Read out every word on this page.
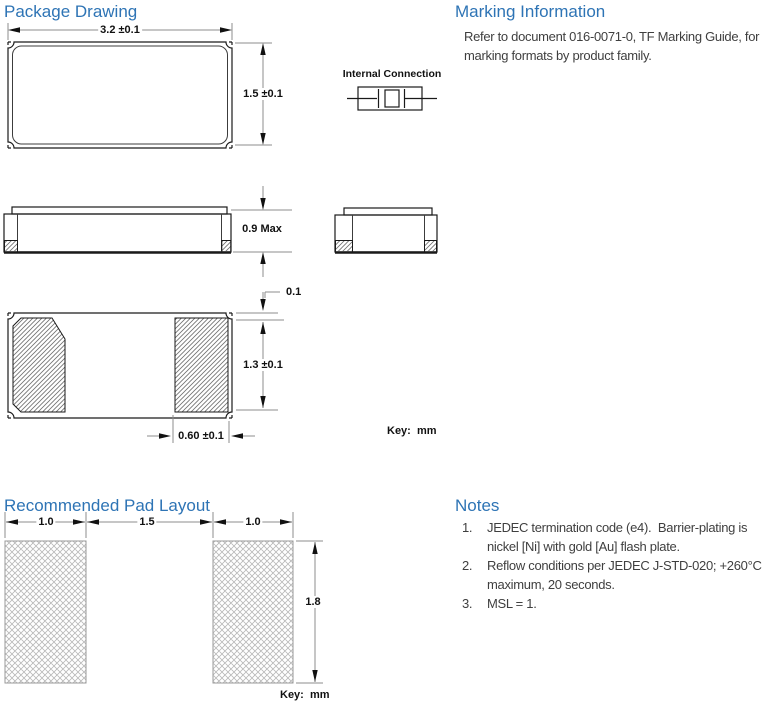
Package Drawing	Marking Information
Recommended Pad Layout	Notes

Refer to document 016-0071-0, TF Marking Guide, for marking formats by product family.

1.	JEDEC termination code (e4).  Barrier-plating is nickel [Ni] with gold [Au] flash plate.
2.	Reflow conditions per JEDEC J-STD-020; +260°C maximum, 20 seconds.
3.	MSL = 1.
Internal Connection
3.2 ±0.1
1.5 ±0.1
0.9 Max
0.1
1.3 ±0.1
0.60 ±0.1	Key:  mm
1.0	1.5	1.0
1.8
Key:  mm
